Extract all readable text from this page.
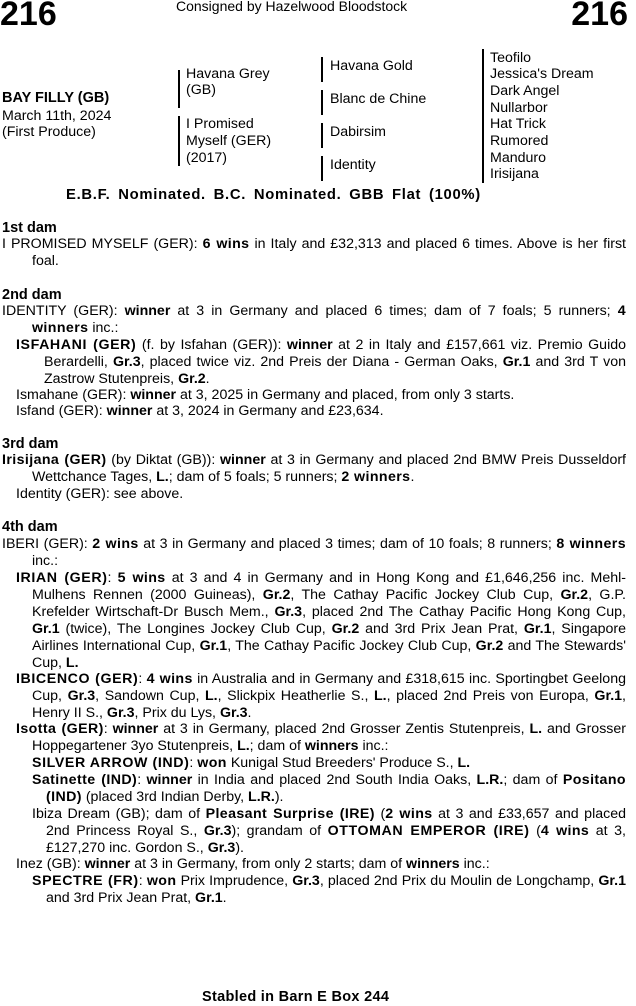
216	Consigned by Hazelwood Bloodstock	216
BAY FILLY (GB)
March 11th, 2024
(First Produce)
Havana Grey
(GB)
I Promised
Myself (GER)
(2017)
Havana Gold
Blanc de Chine
Dabirsim
Identity
Teofilo
Jessica's Dream
Dark Angel
Nullarbor
Hat Trick
Rumored
Manduro
Irisijana
E.B.F. Nominated. B.C. Nominated. GBB Flat (100%)
1st dam

I PROMISED MYSELF (GER): 6 wins in Italy and £32,313 and placed 6 times. Above is her first foal.

2nd dam

IDENTITY (GER): winner at 3 in Germany and placed 6 times; dam of 7 foals; 5 runners; 4 winners inc.:

ISFAHANI (GER) (f. by Isfahan (GER)): winner at 2 in Italy and £157,661 viz. Premio Guido Berardelli, Gr.3, placed twice viz. 2nd Preis der Diana - German Oaks, Gr.1 and 3rd T von Zastrow Stutenpreis, Gr.2.

Ismahane (GER): winner at 3, 2025 in Germany and placed, from only 3 starts.

Isfand (GER): winner at 3, 2024 in Germany and £23,634.

3rd dam

Irisijana (GER) (by Diktat (GB)): winner at 3 in Germany and placed 2nd BMW Preis Dusseldorf Wettchance Tages, L.; dam of 5 foals; 5 runners; 2 winners.

Identity (GER): see above.

4th dam

IBERI (GER): 2 wins at 3 in Germany and placed 3 times; dam of 10 foals; 8 runners; 8 winners inc.:

IRIAN (GER): 5 wins at 3 and 4 in Germany and in Hong Kong and £1,646,256 inc. Mehl-Mulhens Rennen (2000 Guineas), Gr.2, The Cathay Pacific Jockey Club Cup, Gr.2, G.P. Krefelder Wirtschaft-Dr Busch Mem., Gr.3, placed 2nd The Cathay Pacific Hong Kong Cup, Gr.1 (twice), The Longines Jockey Club Cup, Gr.2 and 3rd Prix Jean Prat, Gr.1, Singapore Airlines International Cup, Gr.1, The Cathay Pacific Jockey Club Cup, Gr.2 and The Stewards' Cup, L.

IBICENCO (GER): 4 wins in Australia and in Germany and £318,615 inc. Sportingbet Geelong Cup, Gr.3, Sandown Cup, L., Slickpix Heatherlie S., L., placed 2nd Preis von Europa, Gr.1, Henry II S., Gr.3, Prix du Lys, Gr.3.

Isotta (GER): winner at 3 in Germany, placed 2nd Grosser Zentis Stutenpreis, L. and Grosser Hoppegartener 3yo Stutenpreis, L.; dam of winners inc.:

SILVER ARROW (IND): won Kunigal Stud Breeders' Produce S., L.

Satinette (IND): winner in India and placed 2nd South India Oaks, L.R.; dam of Positano (IND) (placed 3rd Indian Derby, L.R.).

Ibiza Dream (GB); dam of Pleasant Surprise (IRE) (2 wins at 3 and £33,657 and placed 2nd Princess Royal S., Gr.3); grandam of OTTOMAN EMPEROR (IRE) (4 wins at 3, £127,270 inc. Gordon S., Gr.3).

Inez (GB): winner at 3 in Germany, from only 2 starts; dam of winners inc.:

SPECTRE (FR): won Prix Imprudence, Gr.3, placed 2nd Prix du Moulin de Longchamp, Gr.1 and 3rd Prix Jean Prat, Gr.1.

Stabled in Barn E Box 244
